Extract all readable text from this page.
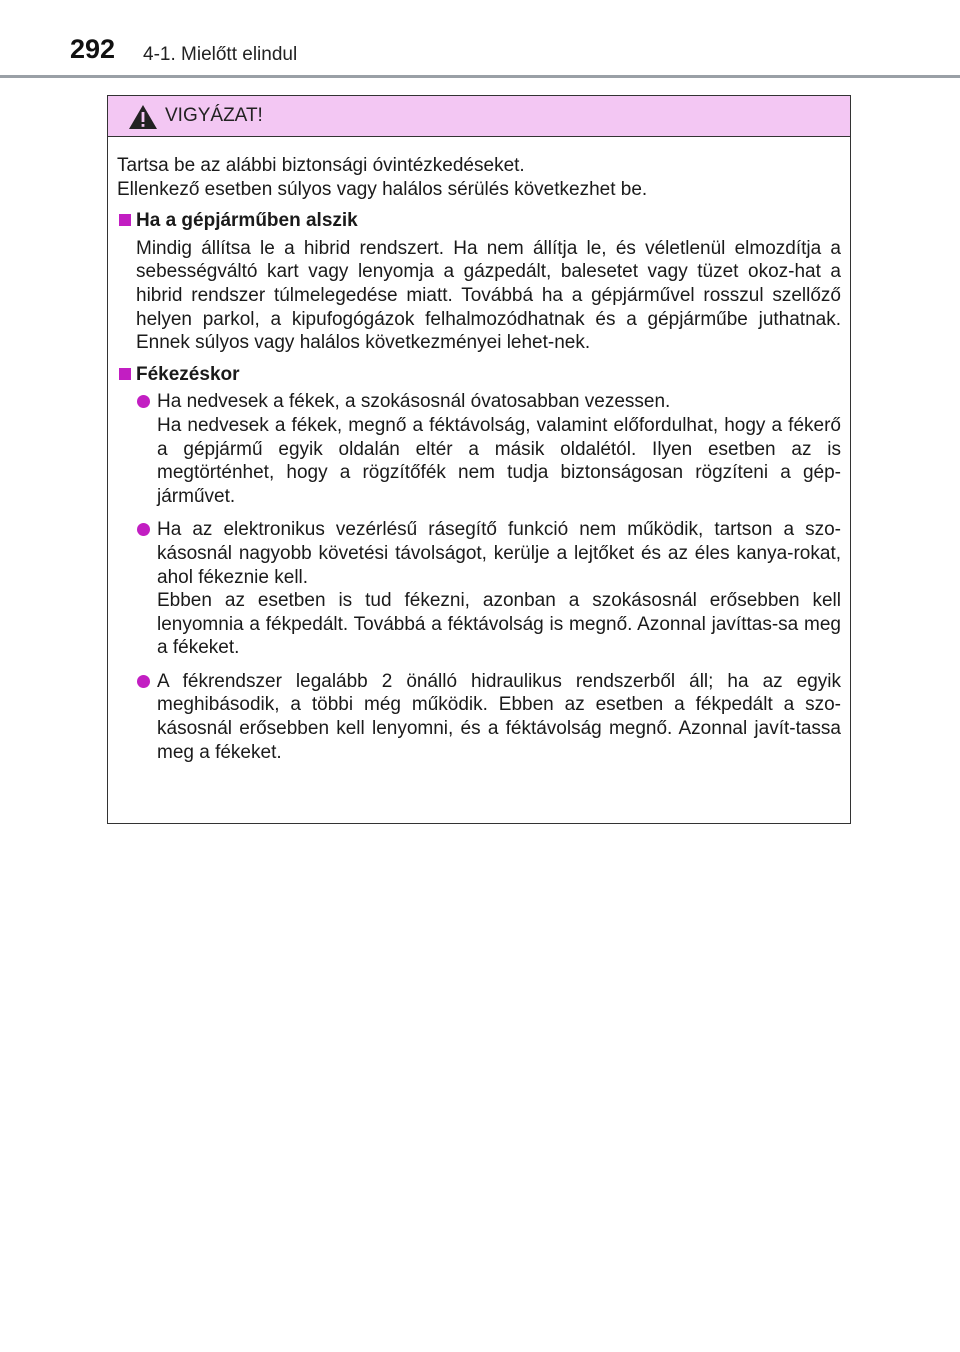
292 4-1. Mielőtt elindul
VIGYÁZAT!
Tartsa be az alábbi biztonsági óvintézkedéseket.
Ellenkező esetben súlyos vagy halálos sérülés következhet be.
Ha a gépjárműben alszik
Mindig állítsa le a hibrid rendszert. Ha nem állítja le, és véletlenül elmozdítja a sebességváltó kart vagy lenyomja a gázpedált, balesetet vagy tüzet okoz-hat a hibrid rendszer túlmelegedése miatt. Továbbá ha a gépjárművel rosszul szellőző helyen parkol, a kipufogógázok felhalmozódhatnak és a gépjárműbe juthatnak. Ennek súlyos vagy halálos következményei lehet-nek.
Fékezéskor
Ha nedvesek a fékek, a szokásosnál óvatosabban vezessen.
Ha nedvesek a fékek, megnő a féktávolság, valamint előfordulhat, hogy a fékerő a gépjármű egyik oldalán eltér a másik oldalétól. Ilyen esetben az is megtörténhet, hogy a rögzítőfék nem tudja biztonságosan rögzíteni a gép-járművet.
Ha az elektronikus vezérlésű rásegítő funkció nem működik, tartson a szo-kásosnál nagyobb követési távolságot, kerülje a lejtőket és az éles kanya-rokat, ahol fékeznie kell.
Ebben az esetben is tud fékezni, azonban a szokásosnál erősebben kell lenyomnia a fékpedált. Továbbá a féktávolság is megnő. Azonnal javíttas-sa meg a fékeket.
A fékrendszer legalább 2 önálló hidraulikus rendszerből áll; ha az egyik meghibásodik, a többi még működik. Ebben az esetben a fékpedált a szo-kásosnál erősebben kell lenyomni, és a féktávolság megnő. Azonnal javít-tassa meg a fékeket.
